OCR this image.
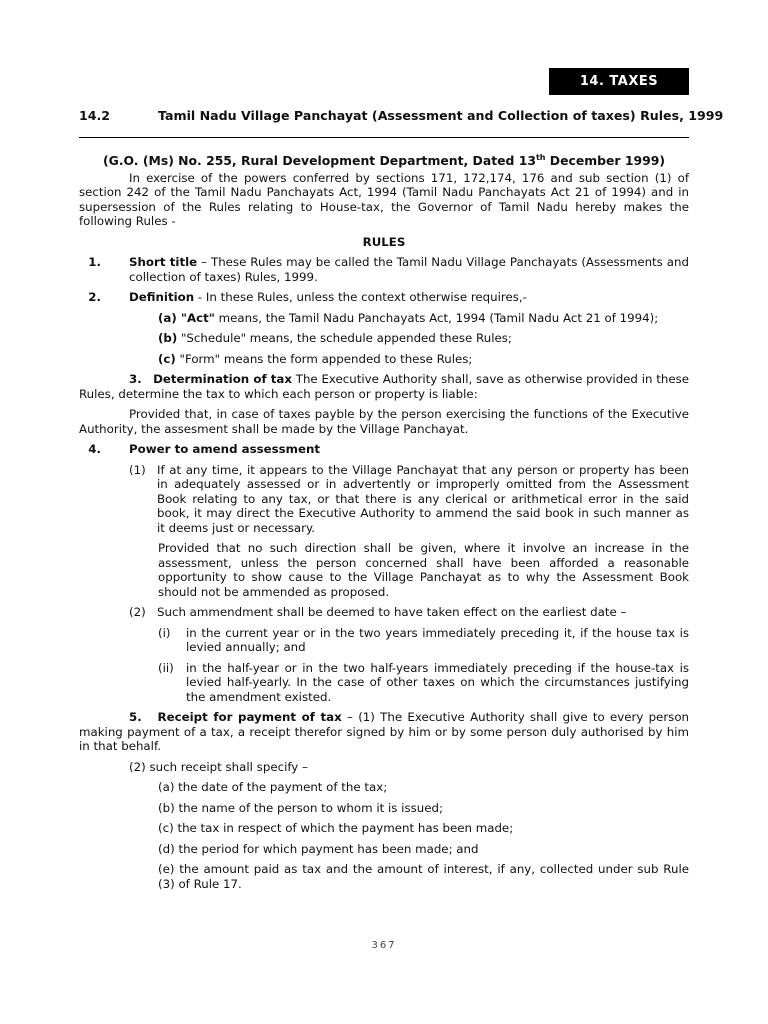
14. TAXES
14.2	Tamil Nadu Village Panchayat (Assessment and Collection of taxes) Rules, 1999
(G.O. (Ms) No. 255, Rural Development Department, Dated 13th December 1999)

In exercise of the powers conferred by sections 171, 172,174, 176 and sub section (1) of section 242 of the Tamil Nadu Panchayats Act, 1994 (Tamil Nadu Panchayats Act 21 of 1994) and in supersession of the Rules relating to House-tax, the Governor of Tamil Nadu hereby makes the following Rules -

RULES
1.	Short title – These Rules may be called the Tamil Nadu Village Panchayats (Assessments and collection of taxes) Rules, 1999.
2.	Definition - In these Rules, unless the context otherwise requires,-
(a) "Act" means, the Tamil Nadu Panchayats Act, 1994 (Tamil Nadu Act 21 of 1994);
(b) "Schedule" means, the schedule appended these Rules;
(c) "Form" means the form appended to these Rules;

3. Determination of tax The Executive Authority shall, save as otherwise provided in these Rules, determine the tax to which each person or property is liable:

Provided that, in case of taxes payble by the person exercising the functions of the Executive Authority, the assesment shall be made by the Village Panchayat.

4.	Power to amend assessment
(1) If at any time, it appears to the Village Panchayat that any person or property has been in adequately assessed or in advertently or improperly omitted from the Assessment Book relating to any tax, or that there is any clerical or arithmetical error in the said book, it may direct the Executive Authority to ammend the said book in such manner as it deems just or necessary.

Provided that no such direction shall be given, where it involve an increase in the assessment, unless the person concerned shall have been afforded a reasonable opportunity to show cause to the Village Panchayat as to why the Assessment Book should not be ammended as proposed.

(2) Such ammendment shall be deemed to have taken effect on the earliest date –
(i)	in the current year or in the two years immediately preceding it, if the house tax is levied annually; and
(ii)	in the half-year or in the two half-years immediately preceding if the house-tax is levied half-yearly. In the case of other taxes on which the circumstances justifying the amendment existed.

5. Receipt for payment of tax – (1) The Executive Authority shall give to every person making payment of a tax, a receipt therefor signed by him or by some person duly authorised by him in that behalf.

(2) such receipt shall specify –

(a) the date of the payment of the tax;

(b) the name of the person to whom it is issued;

(c) the tax in respect of which the payment has been made;

(d) the period for which payment has been made; and

(e) the amount paid as tax and the amount of interest, if any, collected under sub Rule (3) of Rule 17.

367
